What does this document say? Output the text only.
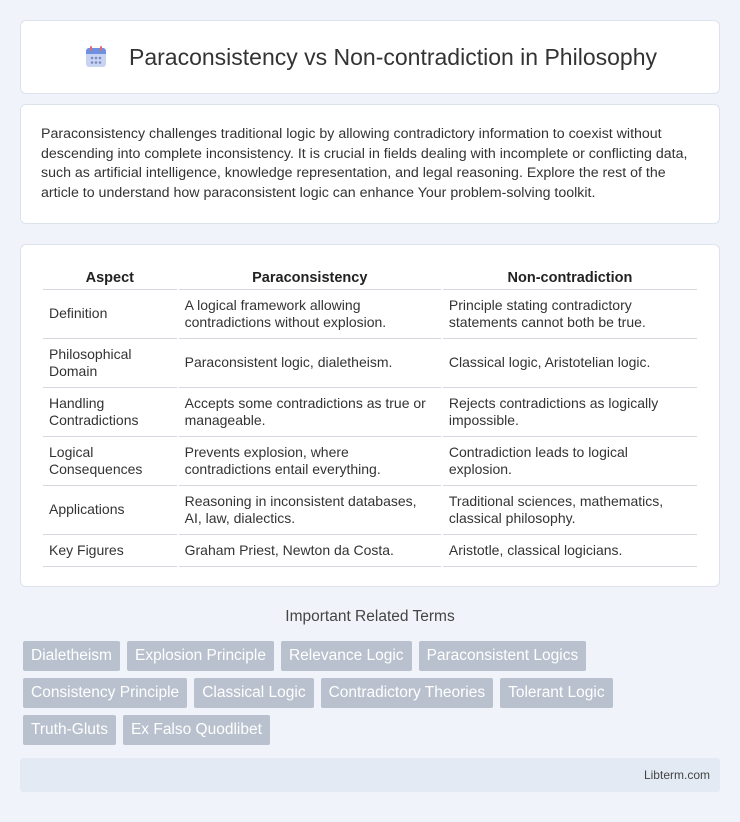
Paraconsistency vs Non-contradiction in Philosophy

Paraconsistency challenges traditional logic by allowing contradictory information to coexist without descending into complete inconsistency. It is crucial in fields dealing with incomplete or conflicting data, such as artificial intelligence, knowledge representation, and legal reasoning. Explore the rest of the article to understand how paraconsistent logic can enhance Your problem-solving toolkit.

Aspect	Paraconsistency	Non-contradiction
Definition	A logical framework allowing contradictions without explosion.	Principle stating contradictory statements cannot both be true.
Philosophical Domain	Paraconsistent logic, dialetheism.	Classical logic, Aristotelian logic.
Handling Contradictions	Accepts some contradictions as true or manageable.	Rejects contradictions as logically impossible.
Logical Consequences	Prevents explosion, where contradictions entail everything.	Contradiction leads to logical explosion.
Applications	Reasoning in inconsistent databases, AI, law, dialectics.	Traditional sciences, mathematics, classical philosophy.
Key Figures	Graham Priest, Newton da Costa.	Aristotle, classical logicians.
Important Related Terms
Dialetheism	Explosion Principle	Relevance Logic	Paraconsistent Logics
Consistency Principle	Classical Logic	Contradictory Theories	Tolerant Logic
Truth-Gluts	Ex Falso Quodlibet
Libterm.com
